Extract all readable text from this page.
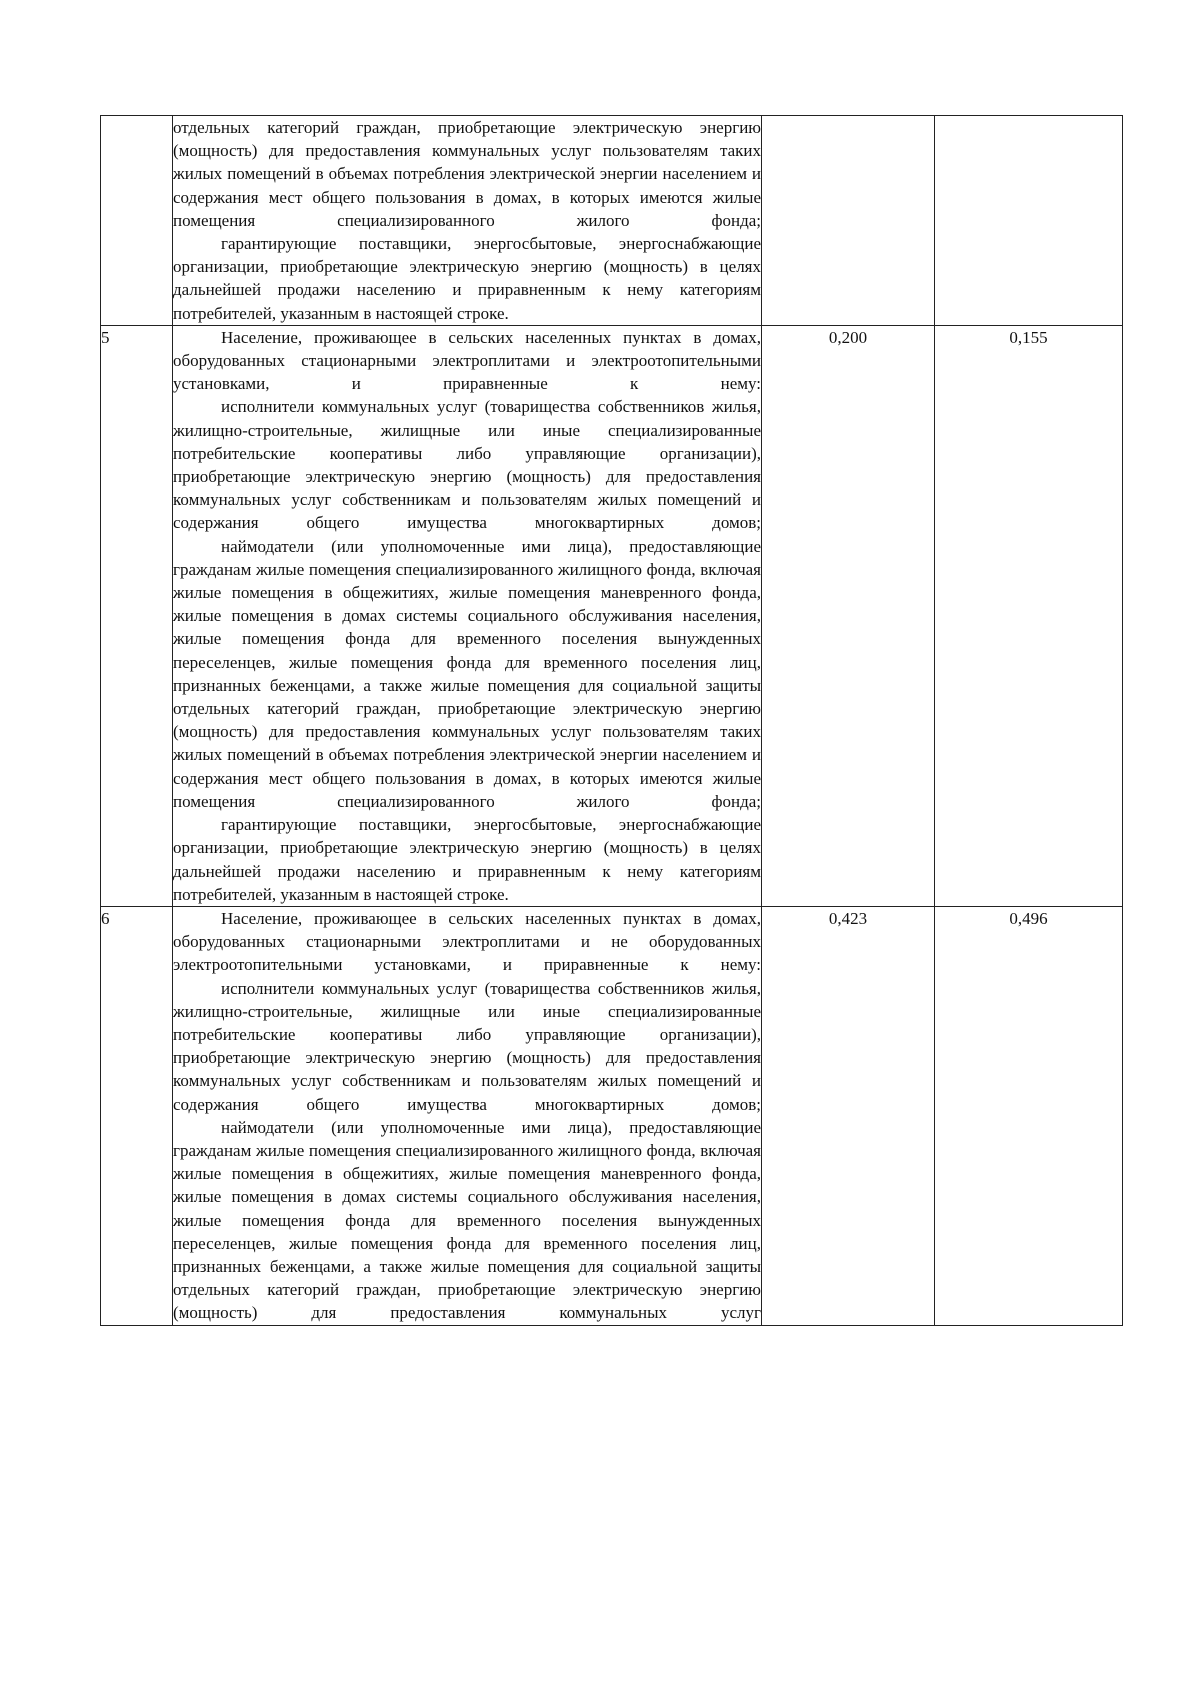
	отдельных категорий граждан, приобретающие электрическую энергию (мощность) для предоставления коммунальных услуг пользователям таких жилых помещений в объемах потребления электрической энергии населением и содержания мест общего пользования в домах, в которых имеются жилые помещения специализированного жилого фонда;

гарантирующие поставщики, энергосбытовые, энергоснабжающие организации, приобретающие электрическую энергию (мощность) в целях дальнейшей продажи населению и приравненным к нему категориям потребителей, указанным в настоящей строке.		

5	Население, проживающее в сельских населенных пунктах в домах, оборудованных стационарными электроплитами и электроотопительными установками, и приравненные к нему:

исполнители коммунальных услуг (товарищества собственников жилья, жилищно-строительные, жилищные или иные специализированные потребительские кооперативы либо управляющие организации), приобретающие электрическую энергию (мощность) для предоставления коммунальных услуг собственникам и пользователям жилых помещений и содержания общего имущества многоквартирных домов;

наймодатели (или уполномоченные ими лица), предоставляющие гражданам жилые помещения специализированного жилищного фонда, включая жилые помещения в общежитиях, жилые помещения маневренного фонда, жилые помещения в домах системы социального обслуживания населения, жилые помещения фонда для временного поселения вынужденных переселенцев, жилые помещения фонда для временного поселения лиц, признанных беженцами, а также жилые помещения для социальной защиты отдельных категорий граждан, приобретающие электрическую энергию (мощность) для предоставления коммунальных услуг пользователям таких жилых помещений в объемах потребления электрической энергии населением и содержания мест общего пользования в домах, в которых имеются жилые помещения специализированного жилого фонда;

гарантирующие поставщики, энергосбытовые, энергоснабжающие организации, приобретающие электрическую энергию (мощность) в целях дальнейшей продажи населению и приравненным к нему категориям потребителей, указанным в настоящей строке.	0,200	0,155
6	Население, проживающее в сельских населенных пунктах в домах, оборудованных стационарными электроплитами и не оборудованных электроотопительными установками, и приравненные к нему:

исполнители коммунальных услуг (товарищества собственников жилья, жилищно-строительные, жилищные или иные специализированные потребительские кооперативы либо управляющие организации), приобретающие электрическую энергию (мощность) для предоставления коммунальных услуг собственникам и пользователям жилых помещений и содержания общего имущества многоквартирных домов;

наймодатели (или уполномоченные ими лица), предоставляющие гражданам жилые помещения специализированного жилищного фонда, включая жилые помещения в общежитиях, жилые помещения маневренного фонда, жилые помещения в домах системы социального обслуживания населения, жилые помещения фонда для временного поселения вынужденных переселенцев, жилые помещения фонда для временного поселения лиц, признанных беженцами, а также жилые помещения для социальной защиты отдельных категорий граждан, приобретающие электрическую энергию (мощность) для предоставления коммунальных услуг	0,423	0,496
